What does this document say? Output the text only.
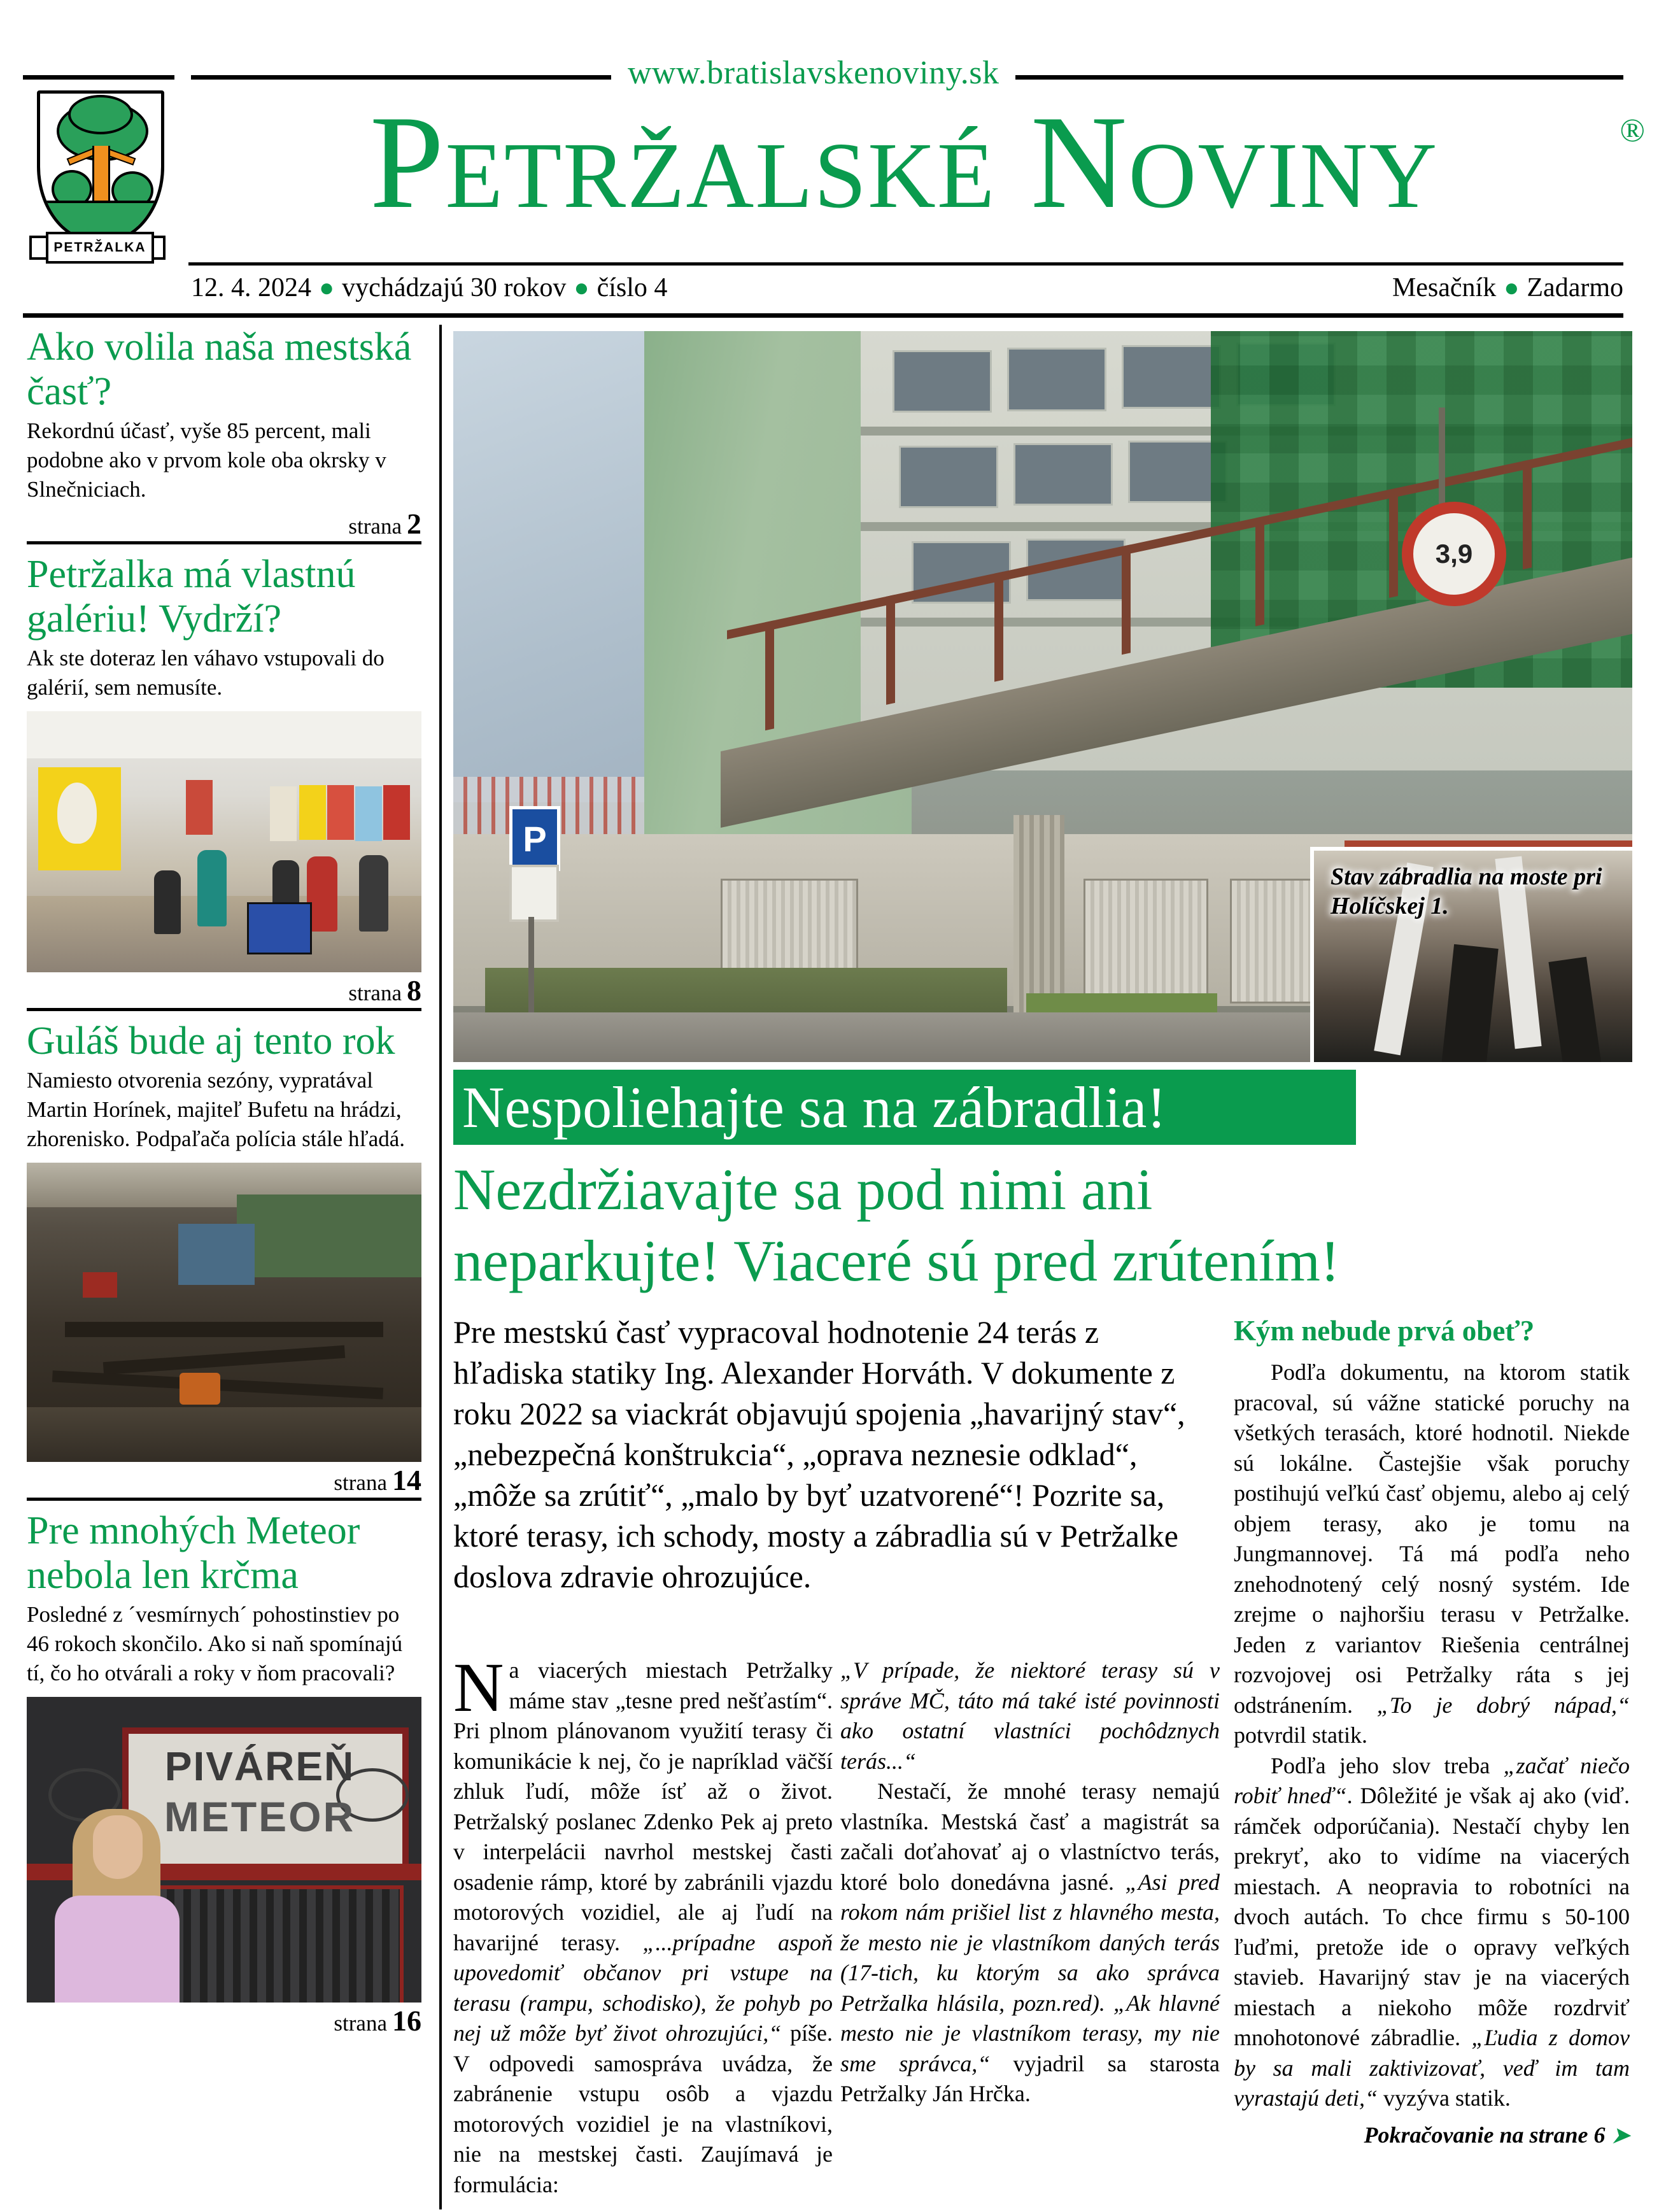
www.bratislavskenoviny.sk
PETRŽALKA
PETRŽALSKÉ NOVINY	®
12. 4. 2024 ● vychádzajú 30 rokov ● číslo 4	Mesačník ● Zadarmo
Ako volila naša mestská časť?
Rekordnú účasť, vyše 85 percent, mali podobne ako v prvom kole oba okrsky v Slnečniciach.
strana 2
Petržalka má vlastnú galériu! Vydrží?
Ak ste doteraz len váhavo vstupovali do galérií, sem nemusíte.
strana 8
Guláš bude aj tento rok
Namiesto otvorenia sezóny, vypratával Martin Horínek, majiteľ Bufetu na hrádzi, zhorenisko. Podpaľača polícia stále hľadá.
strana 14
Pre mnohých Meteor nebola len krčma
Posledné z ´vesmírnych´ pohostinstiev po 46 rokoch skončilo. Ako si naň spomínajú tí, čo ho otvárali a roky v ňom pracovali?
PIVÁREŇ
METEOR
strana 16
3,9
P
Stav zábradlia na moste pri Holíčskej 1.
Nespoliehajte sa na zábradlia!
Nezdržiavajte sa pod nimi ani
neparkujte! Viaceré sú pred zrútením!
Pre mestskú časť vypracoval hodnotenie 24 terás z hľadiska statiky Ing. Alexander Horváth. V dokumente z roku 2022 sa viackrát objavujú spojenia „havarijný stav“, „nebezpečná konštrukcia“, „oprava neznesie odklad“, „môže sa zrútiť“, „malo by byť uzatvorené“! Pozrite sa, ktoré terasy, ich schody, mosty a zábradlia sú v Petržalke doslova zdravie ohrozujúce.
Kým nebude prvá obeť?

Podľa dokumentu, na ktorom statik pracoval, sú vážne statické poruchy na všetkých terasách, ktoré hodnotil. Niekde sú lokálne. Častejšie však poruchy postihujú veľkú časť objemu, alebo aj celý objem terasy, ako je tomu na Jungmannovej. Tá má podľa neho znehodnotený celý nosný systém. Ide zrejme o najhoršiu terasu v Petržalke. Jeden z variantov Riešenia centrálnej rozvojovej osi Petržalky ráta s jej odstránením. „To je dobrý nápad,“ potvrdil statik.

Podľa jeho slov treba „začať niečo robiť hneď“. Dôležité je však aj ako (viď. rámček odporúčania). Nestačí chyby len prekryť, ako to vidíme na viacerých miestach. A neopravia to robotníci na dvoch autách. To chce firmu s 50-100 ľuďmi, pretože ide o opravy veľkých stavieb. Havarijný stav je na viacerých miestach a niekoho môže rozdrviť mnohotonové zábradlie. „Ľudia z domov by sa mali zaktivizovať, veď im tam vyrastajú deti,“ vyzýva statik.

Pokračovanie na strane 6 ➤

Na viacerých miestach Petržalky máme stav „tesne pred nešťastím“. Pri plnom plánovanom využití terasy či komunikácie k nej, čo je napríklad väčší zhluk ľudí, môže ísť až o život. Petržalský poslanec Zdenko Pek aj preto v interpelácii navrhol mestskej časti osadenie rámp, ktoré by zabránili vjazdu motorových vozidiel, ale aj ľudí na havarijné terasy. „...prípadne aspoň upovedomiť občanov pri vstupe na terasu (rampu, schodisko), že pohyb po nej už môže byť život ohrozujúci,“ píše. V odpovedi samospráva uvádza, že zabránenie vstupu osôb a vjazdu motorových vozidiel je na vlastníkovi, nie na mestskej časti. Zaujímavá je formulácia:

„V prípade, že niektoré terasy sú v správe MČ, táto má také isté povinnosti ako ostatní vlastníci pochôdznych terás...“

Nestačí, že mnohé terasy nemajú vlastníka. Mestská časť a magistrát sa začali doťahovať aj o vlastníctvo terás, ktoré bolo donedávna jasné. „Asi pred rokom nám prišiel list z hlavného mesta, že mesto nie je vlastníkom daných terás (17-tich, ku ktorým sa ako správca Petržalka hlásila, pozn.red). „Ak hlavné mesto nie je vlastníkom terasy, my nie sme správca,“ vyjadril sa starosta Petržalky Ján Hrčka.
